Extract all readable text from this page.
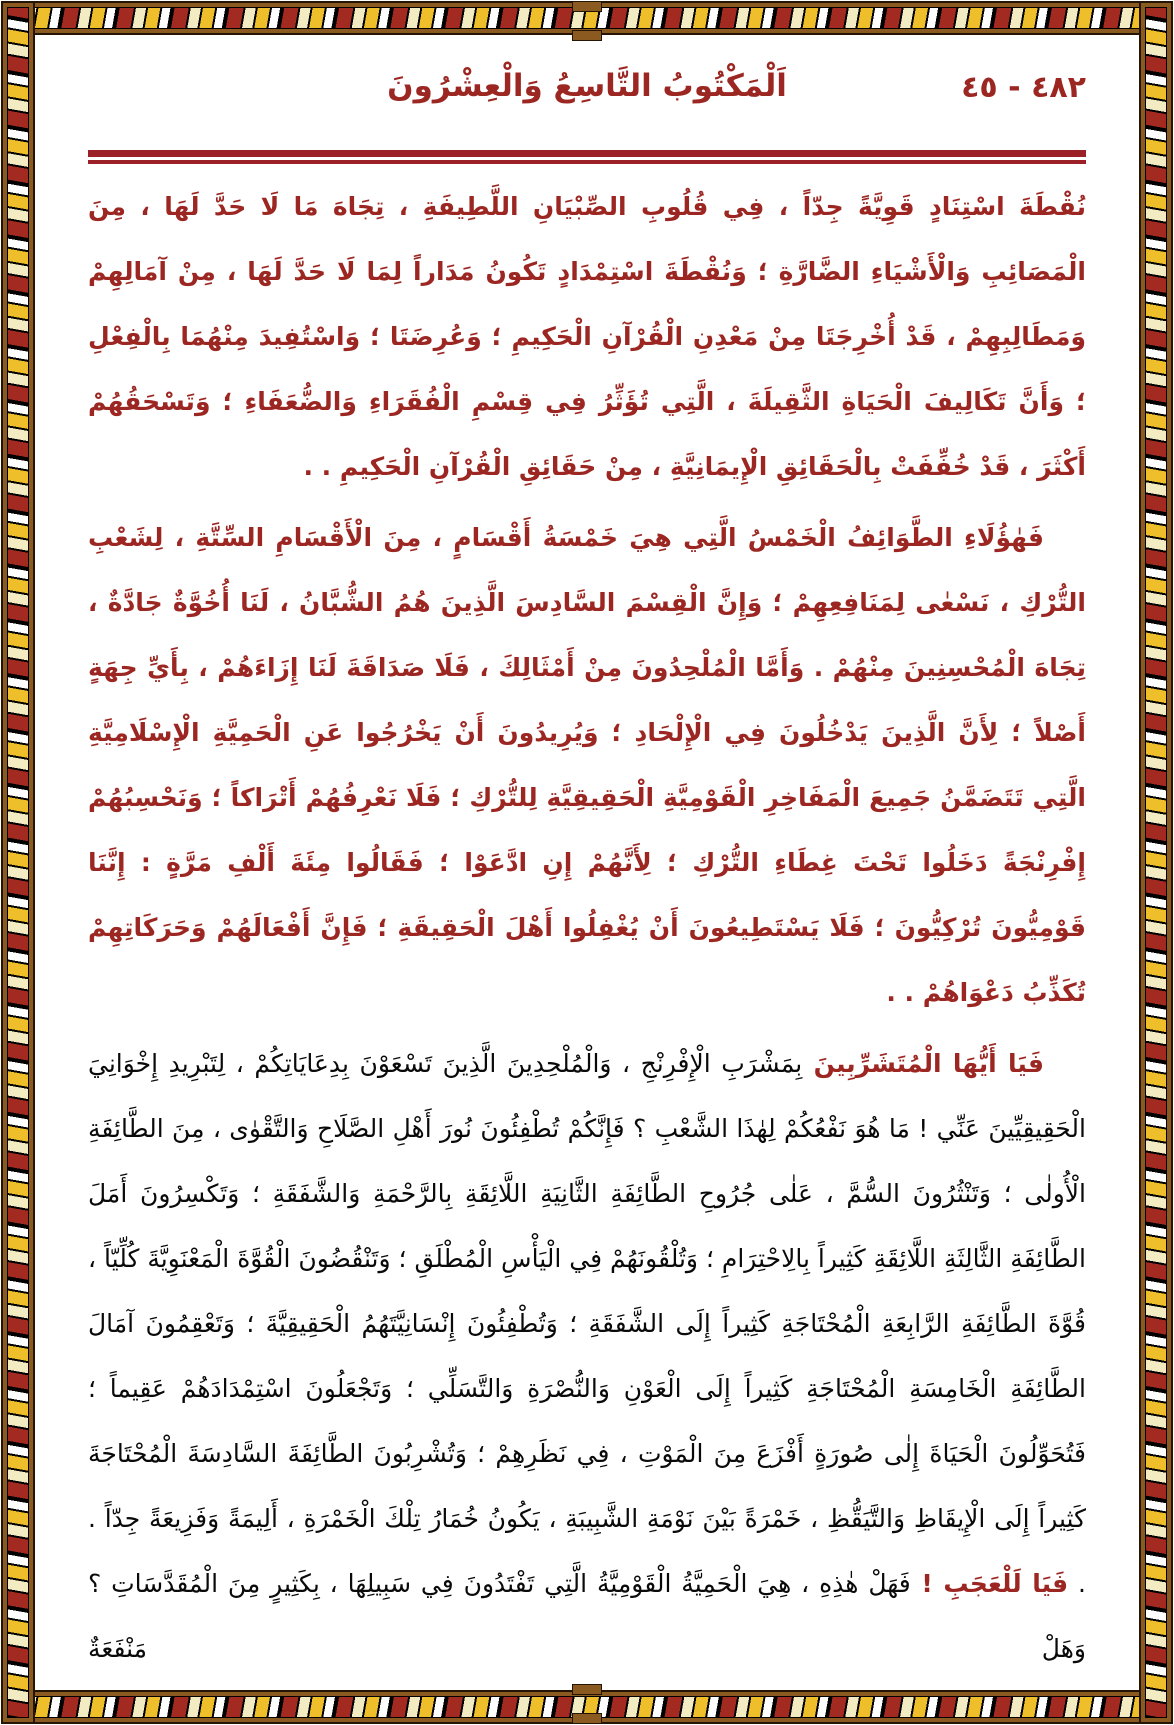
٤٨٢ - ٤٥
اَلْمَكْتُوبُ التَّاسِعُ وَالْعِشْرُونَ

نُقْطَةَ اسْتِنَادٍ قَوِيَّةً جِدّاً ، فِي قُلُوبِ الصِّبْيَانِ اللَّطِيفَةِ ، تِجَاهَ مَا لَا حَدَّ لَهَا ، مِنَ الْمَصَائِبِ وَالْأَشْيَاءِ الضَّارَّةِ ؛ وَنُقْطَةَ اسْتِمْدَادٍ تَكُونُ مَدَاراً لِمَا لَا حَدَّ لَهَا ، مِنْ آمَالِهِمْ وَمَطَالِبِهِمْ ، قَدْ أُخْرِجَتَا مِنْ مَعْدِنِ الْقُرْآنِ الْحَكِيمِ ؛ وَعُرِضَتَا ؛ وَاسْتُفِيدَ مِنْهُمَا بِالْفِعْلِ ؛ وَأَنَّ تَكَالِيفَ الْحَيَاةِ الثَّقِيلَةَ ، الَّتِي تُؤَثِّرُ فِي قِسْمِ الْفُقَرَاءِ وَالضُّعَفَاءِ ؛ وَتَسْحَقُهُمْ أَكْثَرَ ، قَدْ خُفِّفَتْ بِالْحَقَائِقِ الْإِيمَانِيَّةِ ، مِنْ حَقَائِقِ الْقُرْآنِ الْحَكِيمِ . .

فَهٰؤُلَاءِ الطَّوَائِفُ الْخَمْسُ الَّتِي هِيَ خَمْسَةُ أَقْسَامٍ ، مِنَ الْأَقْسَامِ السِّتَّةِ ، لِشَعْبِ التُّرْكِ ، نَسْعٰى لِمَنَافِعِهِمْ ؛ وَإِنَّ الْقِسْمَ السَّادِسَ الَّذِينَ هُمُ الشُّبَّانُ ، لَنَا أُخُوَّةٌ جَادَّةٌ ، تِجَاهَ الْمُحْسِنِينَ مِنْهُمْ . وَأَمَّا الْمُلْحِدُونَ مِنْ أَمْثَالِكَ ، فَلَا صَدَاقَةَ لَنَا إِزَاءَهُمْ ، بِأَيِّ جِهَةٍ أَصْلاً ؛ لِأَنَّ الَّذِينَ يَدْخُلُونَ فِي الْإِلْحَادِ ؛ وَيُرِيدُونَ أَنْ يَخْرُجُوا عَنِ الْحَمِيَّةِ الْإِسْلَامِيَّةِ الَّتِي تَتَضَمَّنُ جَمِيعَ الْمَفَاخِرِ الْقَوْمِيَّةِ الْحَقِيقِيَّةِ لِلتُّرْكِ ؛ فَلَا نَعْرِفُهُمْ أَتْرَاكاً ؛ وَنَحْسِبُهُمْ إِفْرِنْجَةً دَخَلُوا تَحْتَ غِطَاءِ التُّرْكِ ؛ لِأَنَّهُمْ إِنِ ادَّعَوْا ؛ فَقَالُوا مِئَةَ أَلْفِ مَرَّةٍ : إِنَّنَا قَوْمِيُّونَ تُرْكِيُّونَ ؛ فَلَا يَسْتَطِيعُونَ أَنْ يُغْفِلُوا أَهْلَ الْحَقِيقَةِ ؛ فَإِنَّ أَفْعَالَهُمْ وَحَرَكَاتِهِمْ تُكَذِّبُ دَعْوَاهُمْ . .

فَيَا أَيُّهَا الْمُتَشَرِّبِينَ بِمَشْرَبِ الْإِفْرِنْجِ ، وَالْمُلْحِدِينَ الَّذِينَ تَسْعَوْنَ بِدِعَايَاتِكُمْ ، لِتَبْرِيدِ إِخْوَانِيَ الْحَقِيقِيِّينَ عَنِّي ! مَا هُوَ نَفْعُكُمْ لِهٰذَا الشَّعْبِ ؟ فَإِنَّكُمْ تُطْفِئُونَ نُورَ أَهْلِ الصَّلَاحِ وَالتَّقْوٰى ، مِنَ الطَّائِفَةِ الْأُولٰى ؛ وَتَنْثُرُونَ السُّمَّ ، عَلٰى جُرُوحِ الطَّائِفَةِ الثَّانِيَةِ اللَّائِقَةِ بِالرَّحْمَةِ وَالشَّفَقَةِ ؛ وَتَكْسِرُونَ أَمَلَ الطَّائِفَةِ الثَّالِثَةِ اللَّائِقَةِ كَثِيراً بِالِاحْتِرَامِ ؛ وَتُلْقُونَهُمْ فِي الْيَأْسِ الْمُطْلَقِ ؛ وَتَنْقُضُونَ الْقُوَّةَ الْمَعْنَوِيَّةَ كُلِّيّاً ، قُوَّةَ الطَّائِفَةِ الرَّابِعَةِ الْمُحْتَاجَةِ كَثِيراً إِلَى الشَّفَقَةِ ؛ وَتُطْفِئُونَ إِنْسَانِيَّتَهُمُ الْحَقِيقِيَّةَ ؛ وَتَعْقِمُونَ آمَالَ الطَّائِفَةِ الْخَامِسَةِ الْمُحْتَاجَةِ كَثِيراً إِلَى الْعَوْنِ وَالنُّصْرَةِ وَالتَّسَلِّي ؛ وَتَجْعَلُونَ اسْتِمْدَادَهُمْ عَقِيماً ؛ فَتُحَوِّلُونَ الْحَيَاةَ إِلٰى صُورَةٍ أَفْزَعَ مِنَ الْمَوْتِ ، فِي نَظَرِهِمْ ؛ وَتُشْرِبُونَ الطَّائِفَةَ السَّادِسَةَ الْمُحْتَاجَةَ كَثِيراً إِلَى الْإِيقَاظِ وَالتَّيَقُّظِ ، خَمْرَةً بَيْنَ نَوْمَةِ الشَّبِيبَةِ ، يَكُونُ خُمَارُ تِلْكَ الْخَمْرَةِ ، أَلِيمَةً وَفَزِيعَةً جِدّاً . . فَيَا لَلْعَجَبِ ! فَهَلْ هٰذِهِ ، هِيَ الْحَمِيَّةُ الْقَوْمِيَّةُ الَّتِي تَفْتَدُونَ فِي سَبِيلِهَا ، بِكَثِيرٍ مِنَ الْمُقَدَّسَاتِ ؟ وَهَلْ مَنْفَعَةٌ
